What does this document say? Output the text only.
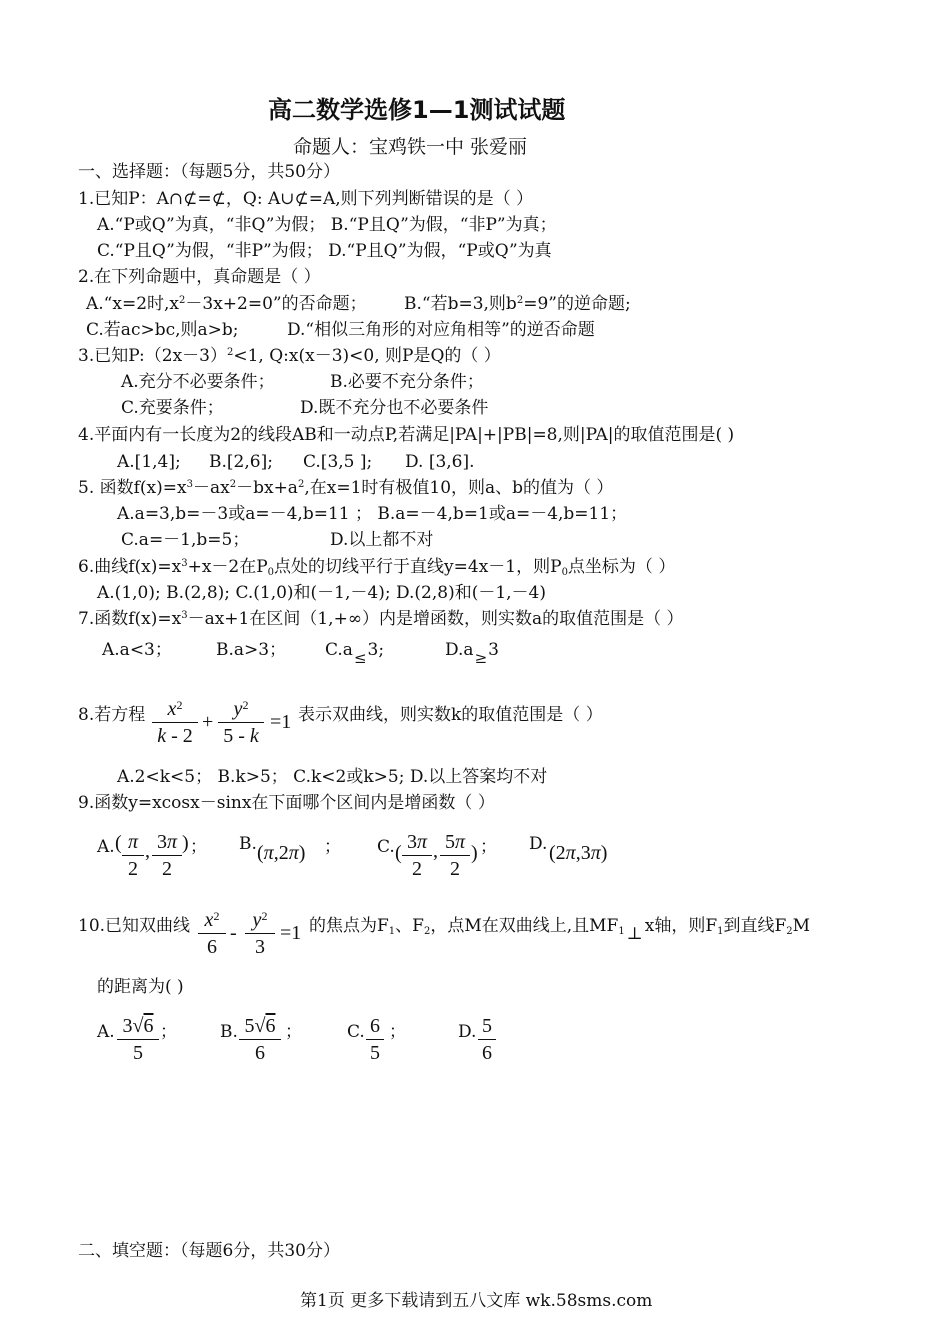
高二数学选修1—1测试试题
命题人：宝鸡铁一中 张爱丽
一、选择题：（每题5分，共50分）
1.已知P：A∩⊄=⊄，Q: A∪⊄=A,则下列判断错误的是（ ）
A.“P或Q”为真，“非Q”为假； B.“P且Q”为假，“非P”为真；
C.“P且Q”为假，“非P”为假； D.“P且Q”为假，“P或Q”为真
2.在下列命题中，真命题是（ ）
A.“x=2时$,x^2-3x+2=0$”的否命题； B.“若b=3,则$b^2=9$”的逆命题;
C.若ac>bc,则a>b;	D.“相似三角形的对应角相等”的逆否命题
3.已知$P:(2x-3)^2<1$, Q:x(x－3)<0, 则P是Q的（ ）
A.充分不必要条件；	B.必要不充分条件；
C.充要条件；	D.既不充分也不必要条件
4.平面内有一长度为2的线段AB和一动点P,若满足|PA|+|PB|=8,则|PA|的取值范围是( )
A.[1,4]; B.[2,6]; C.[3,5 ]; D. [3,6].
5. 函数$f(x)=x^3-ax^2-bx+a^2$,在x=1时有极值10，则a、b的值为（ ）
A.a=3,b=－3或a=－4,b=11 ； B.a=－4,b=1或a=－4,b=11；
C.a=－1,b=5；	D.以上都不对
6.曲线$f(x)=x^3+x-2$在$P_0$点处的切线平行于直线y=4x－1，则$P_0$点坐标为（ ）
A.(1,0); B.(2,8); C.(1,0)和(－1,－4); D.(2,8)和(－1,－4)
7.函数$f(x)=x^3-ax+1$在区间（1,+∞）内是增函数，则实数a的取值范围是（ ）
A.a<3；	B.a>3； C.a≤3;	D.a≥3
8.若方程	$x^2$
k - 2
+
$y^2$
5 - k
=1 表示双曲线，则实数k的取值范围是（ ）
A.2<k<5； B.k>5； C.k<2或k>5; D.以上答案均不对
9.函数y=xcosx－sinx在下面哪个区间内是增函数（ ）
A. ( π
2
, 3π
2
) ； B. (π,2π) ； C. ( 3π
2
, 5π
2
) ； D. (2π,3π)
10.已知双曲线 $x^2$
6
-
$y^2$
3
=1 的焦点为$F_1$、$F_2$，点M在双曲线上,且$MF_1$ ⊥ x轴，则$F_1$到直线$F_2M$
的距离为( )
A. 3√6
5
；	B. 5√6
6
；	C. 6
5
；	D. 5
6
二、填空题：（每题6分，共30分）
第1页 更多下载请到五八文库 wk.58sms.com
